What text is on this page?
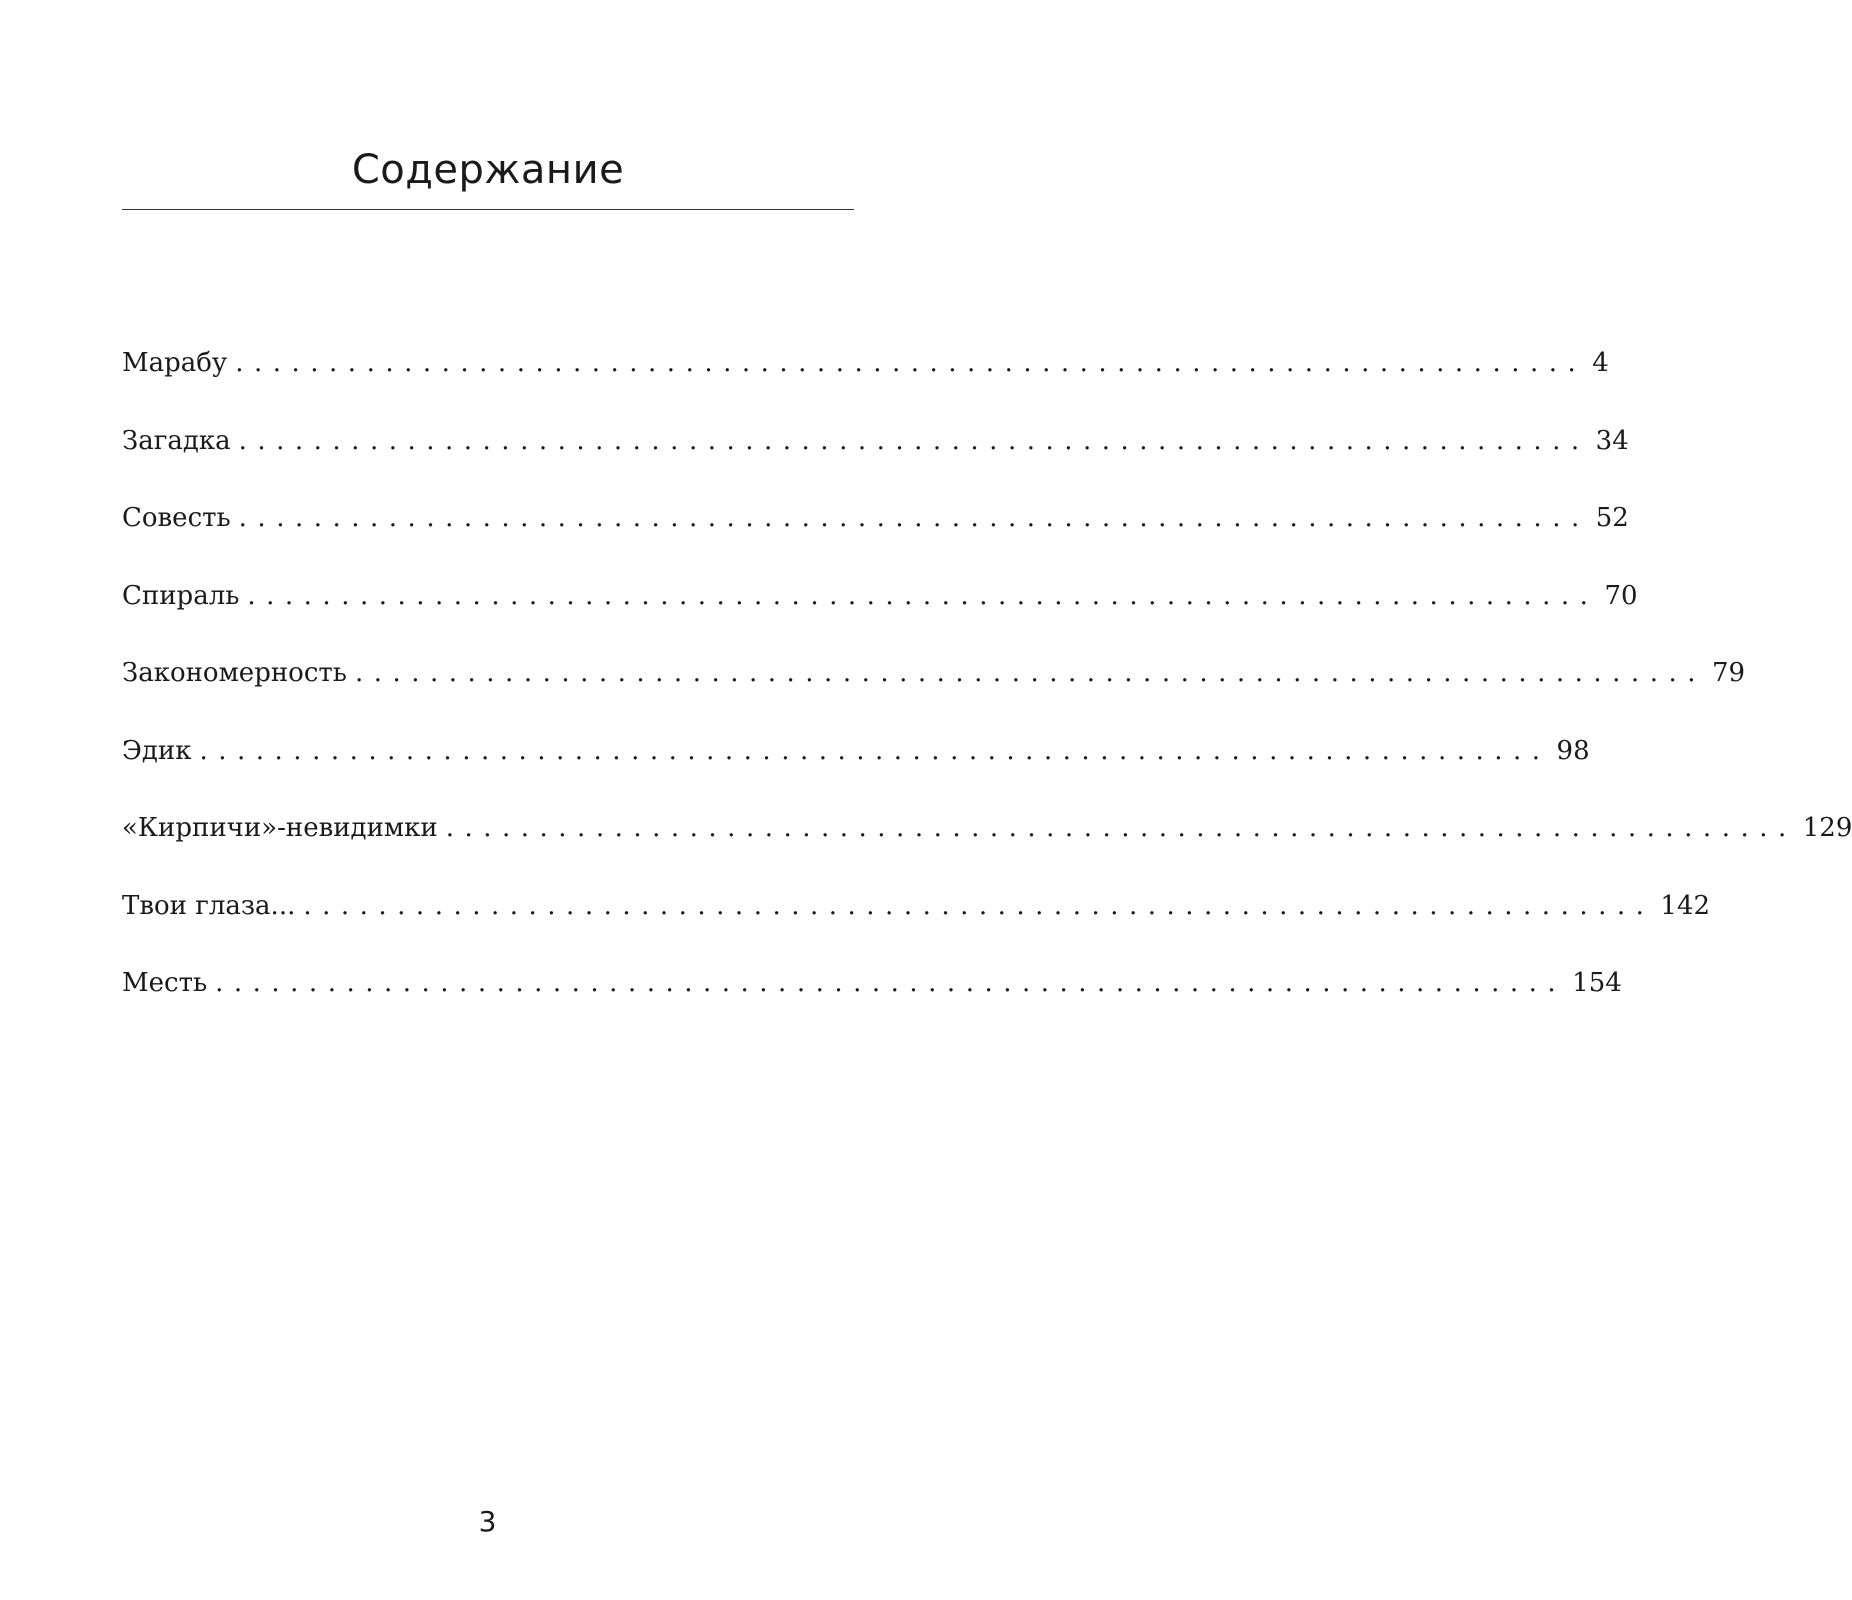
Содержание
Марабу ........................................................................ 4
Загадка ........................................................................ 34
Совесть ........................................................................ 52
Спираль ........................................................................ 70
Закономерность ........................................................................ 79
Эдик ........................................................................ 98
«Кирпичи»-невидимки ........................................................................ 129
Твои глаза... ........................................................................ 142
Месть ........................................................................ 154
3
